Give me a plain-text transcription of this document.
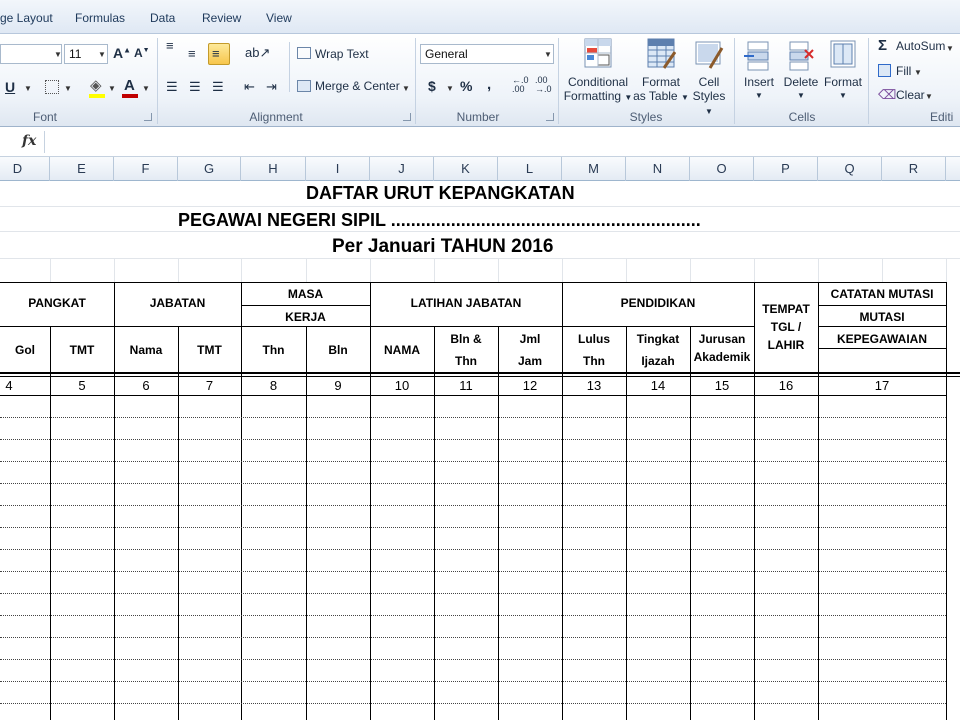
ge Layout Formulas Data Review View
▼ 11	▼ A▲ A▼
U ▼	▼ ◈ ▼ A ▼
Font
≡
≡ ≡ ab↗	Wrap Text
☰ ☰ ☰ ⇤ ⇥	Merge & Center ▼
Alignment
General	▼
$ ▼ % , ←.0
.00
.00
→.0
Number
Conditional
Formatting ▼
Format
as Table ▼
Cell
Styles ▼
Styles
Insert
▼
Delete
▼
Format
▼
Cells
Σ AutoSum ▼
Fill ▼
⌫ Clear ▼
Editi
fx
D	E	F	G	H	I	J	K	L	M	N	O	P	Q	R
DAFTAR URUT KEPANGKATAN
PEGAWAI NEGERI SIPIL ..............................................................
Per Januari TAHUN 2016
PANGKAT	JABATAN
MASA
KERJA
LATIHAN JABATAN	PENDIDIKAN	TEMPAT
TGL /
LAHIR
CATATAN MUTASI
MUTASI
KEPEGAWAIAN
Gol	TMT	Nama	TMT	Thn	Bln	NAMA
Bln &
Thn
Jml
Jam
Lulus
Thn
Tingkat
Ijazah
Jurusan
Akademik
4	5	6	7	8	9	10	11	12	13	14	15	16	17
